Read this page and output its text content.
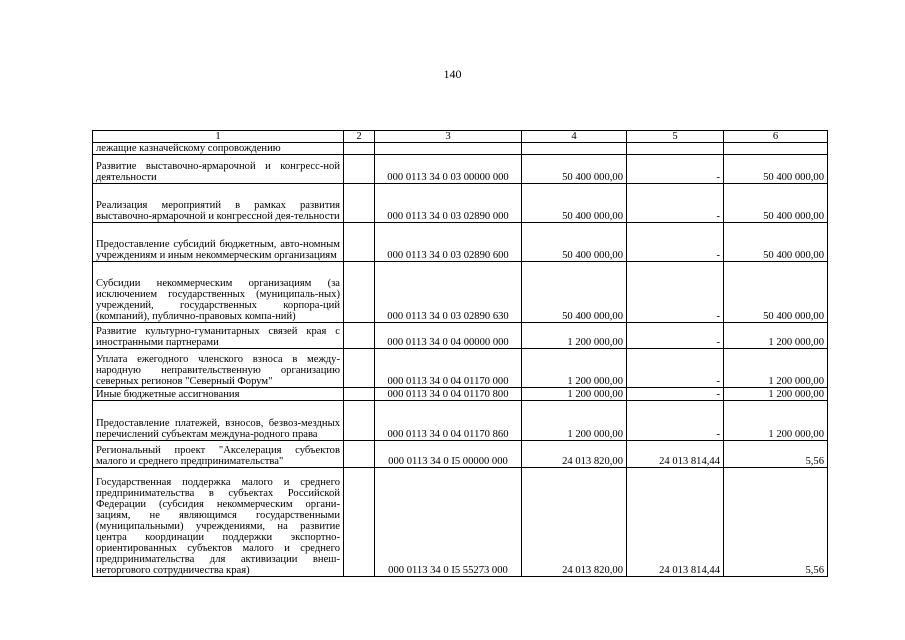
140
1	2	3	4	5	6
лежащие казначейскому сопровождению					
Развитие выставочно-ярмарочной и конгресс-ной деятельности		000 0113 34 0 03 00000 000	50 400 000,00	-	50 400 000,00
Реализация мероприятий в рамках развития выставочно-ярмарочной и конгрессной дея-тельности		000 0113 34 0 03 02890 000	50 400 000,00	-	50 400 000,00
Предоставление субсидий бюджетным, авто-номным учреждениям и иным некоммерческим организациям		000 0113 34 0 03 02890 600	50 400 000,00	-	50 400 000,00
Субсидии некоммерческим организациям (за исключением государственных (муниципаль-ных) учреждений, государственных корпора-ций (компаний), публично-правовых компа-ний)		000 0113 34 0 03 02890 630	50 400 000,00	-	50 400 000,00
Развитие культурно-гуманитарных связей края с иностранными партнерами		000 0113 34 0 04 00000 000	1 200 000,00	-	1 200 000,00
Уплата ежегодного членского взноса в между-народную неправительственную организацию северных регионов "Северный Форум"		000 0113 34 0 04 01170 000	1 200 000,00	-	1 200 000,00
Иные бюджетные ассигнования		000 0113 34 0 04 01170 800	1 200 000,00	-	1 200 000,00
Предоставление платежей, взносов, безвоз-мездных перечислений субъектам междуна-родного права		000 0113 34 0 04 01170 860	1 200 000,00	-	1 200 000,00
Региональный проект "Акселерация субъектов малого и среднего предпринимательства"		000 0113 34 0 I5 00000 000	24 013 820,00	24 013 814,44	5,56
Государственная поддержка малого и среднего предпринимательства в субъектах Российской Федерации (субсидия некоммерческим органи-зациям, не являющимся государственными (муниципальными) учреждениями, на развитие центра координации поддержки экспортно-ориентированных субъектов малого и среднего предпринимательства для активизации внеш-неторгового сотрудничества края)		000 0113 34 0 I5 55273 000	24 013 820,00	24 013 814,44	5,56
